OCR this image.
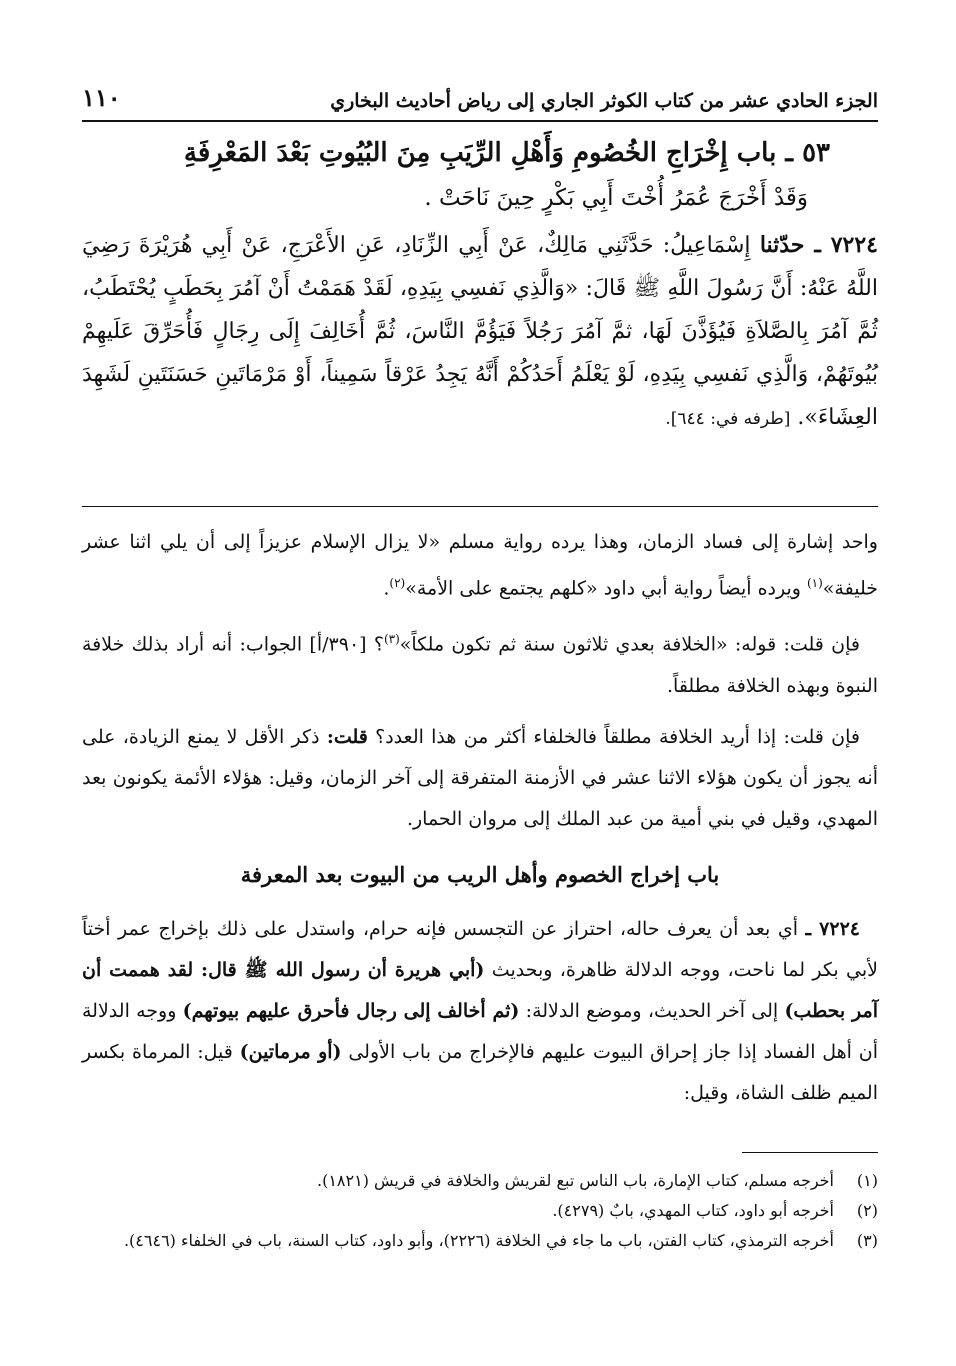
الجزء الحادي عشر من كتاب الكوثر الجاري إلى رياض أحاديث البخاري
١١٠

٥٣ ـ باب إِخْرَاجِ الخُصُومِ وَأَهْلِ الرِّيَبِ مِنَ البُيُوتِ بَعْدَ المَعْرِفَةِ

وَقَدْ أَخْرَجَ عُمَرُ أُخْتَ أَبِي بَكْرٍ حِينَ نَاحَتْ .

٧٢٢٤ ـ حدّثنا إِسْمَاعِيلُ: حَدَّثَنِي مَالِكٌ، عَنْ أَبِي الزِّنَادِ، عَنِ الأَعْرَجِ، عَنْ أَبِي هُرَيْرَةَ رَضِيَ اللَّهُ عَنْهُ: أَنَّ رَسُولَ اللَّهِ ﷺ قَالَ: «وَالَّذِي نَفسِي بِيَدِهِ، لَقَدْ هَمَمْتُ أَنْ آمُرَ بِحَطَبٍ يُحْتَطَبُ، ثُمَّ آمُرَ بِالصَّلاَةِ فَيُؤَذَّنَ لَهَا، ثمَّ آمُرَ رَجُلاً فَيَؤُمَّ النَّاسَ، ثُمَّ أُخَالِفَ إِلَى رِجَالٍ فَأُحَرِّقَ عَلَيهِمْ بُيُوتَهُمْ، وَالَّذِي نَفسِي بِيَدِهِ، لَوْ يَعْلَمُ أَحَدُكُمْ أَنَّهُ يَجِدُ عَرْقاً سَمِيناً، أَوْ مَرْمَاتَينِ حَسَنَتَينِ لَشَهِدَ العِشَاءَ». [طرفه في: ٦٤٤].

واحد إشارة إلى فساد الزمان، وهذا يرده رواية مسلم «لا يزال الإسلام عزيزاً إلى أن يلي اثنا عشر خليفة»$^{(١)}$ ويرده أيضاً رواية أبي داود «كلهم يجتمع على الأمة»$^{(٢)}$.

فإن قلت: قوله: «الخلافة بعدي ثلاثون سنة ثم تكون ملكاً»$^{(٣)}$؟ [٣٩٠/أ] الجواب: أنه أراد بذلك خلافة النبوة وبهذه الخلافة مطلقاً.

فإن قلت: إذا أريد الخلافة مطلقاً فالخلفاء أكثر من هذا العدد؟ قلت: ذكر الأقل لا يمنع الزيادة، على أنه يجوز أن يكون هؤلاء الاثنا عشر في الأزمنة المتفرقة إلى آخر الزمان، وقيل: هؤلاء الأئمة يكونون بعد المهدي، وقيل في بني أمية من عبد الملك إلى مروان الحمار.

باب إخراج الخصوم وأهل الريب من البيوت بعد المعرفة

٧٢٢٤ ـ أي بعد أن يعرف حاله، احتراز عن التجسس فإنه حرام، واستدل على ذلك بإخراج عمر أختاً لأبي بكر لما ناحت، ووجه الدلالة ظاهرة، وبحديث (أبي هريرة أن رسول الله ﷺ قال: لقد هممت أن آمر بحطب) إلى آخر الحديث، وموضع الدلالة: (ثم أخالف إلى رجال فأحرق عليهم بيوتهم) ووجه الدلالة أن أهل الفساد إذا جاز إحراق البيوت عليهم فالإخراج من باب الأولى (أو مرماتين) قيل: المرماة بكسر الميم ظلف الشاة، وقيل:

(١)
أخرجه مسلم، كتاب الإمارة، باب الناس تبع لقريش والخلافة في قريش (١٨٢١).
(٢)
أخرجه أبو داود، كتاب المهدي، بابٌ (٤٢٧٩).
(٣)
أخرجه الترمذي، كتاب الفتن، باب ما جاء في الخلافة (٢٢٢٦)، وأبو داود، كتاب السنة، باب في الخلفاء (٤٦٤٦).
